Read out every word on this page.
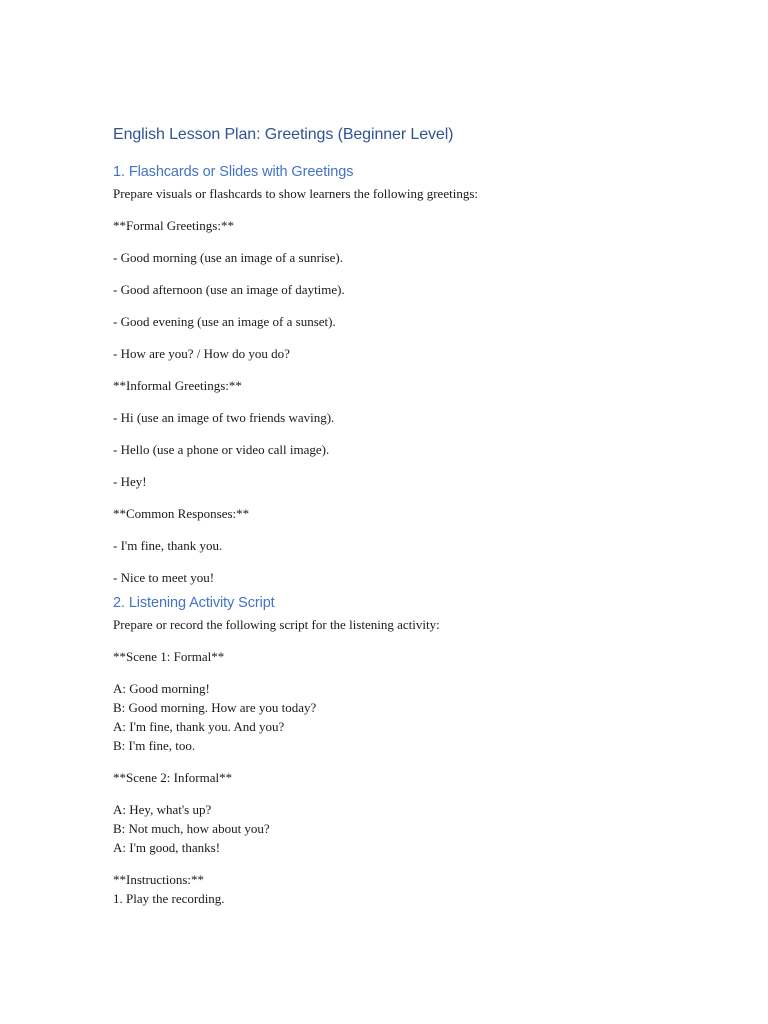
English Lesson Plan: Greetings (Beginner Level)
1. Flashcards or Slides with Greetings

Prepare visuals or flashcards to show learners the following greetings:

**Formal Greetings:**

- Good morning (use an image of a sunrise).

- Good afternoon (use an image of daytime).

- Good evening (use an image of a sunset).

- How are you? / How do you do?

**Informal Greetings:**

- Hi (use an image of two friends waving).

- Hello (use a phone or video call image).

- Hey!

**Common Responses:**

- I'm fine, thank you.

- Nice to meet you!

2. Listening Activity Script

Prepare or record the following script for the listening activity:

**Scene 1: Formal**

A: Good morning!
B: Good morning. How are you today?
A: I'm fine, thank you. And you?
B: I'm fine, too.

**Scene 2: Informal**

A: Hey, what's up?
B: Not much, how about you?
A: I'm good, thanks!
**Instructions:**
1. Play the recording.
